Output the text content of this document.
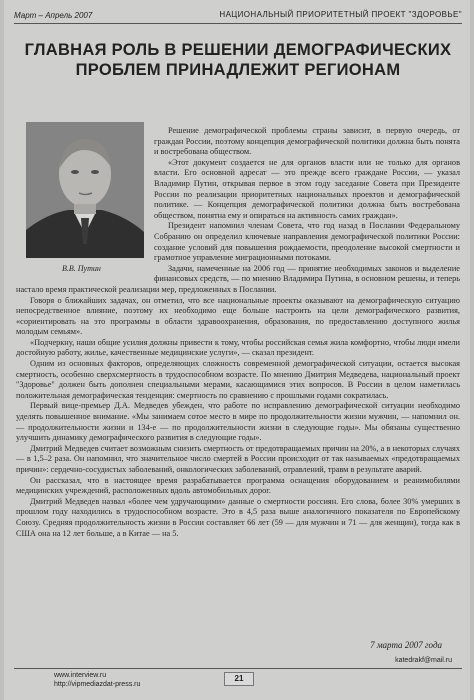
Март – Апрель 2007	НАЦИОНАЛЬНЫЙ ПРИОРИТЕТНЫЙ ПРОЕКТ "ЗДОРОВЬЕ"
ГЛАВНАЯ РОЛЬ В РЕШЕНИИ ДЕМОГРАФИЧЕСКИХ ПРОБЛЕМ ПРИНАДЛЕЖИТ РЕГИОНАМ
В.В. Путин

Решение демографической проблемы страны зависит, в первую очередь, от граждан России, поэтому концепция демографической политики должна быть понята и востребована обществом.

«Этот документ создается не для органов власти или не только для органов власти. Его основной адресат — это прежде всего граждане России, — указал Владимир Путин, открывая первое в этом году заседание Совета при Президенте России по реализации приоритетных национальных проектов и демографической политике. — Концепция демографической политики должна быть востребована обществом, понятна ему и опираться на активность самих граждан».

Президент напомнил членам Совета, что год назад в Послании Федеральному Собранию он определил ключевые направления демографической политики России: создание условий для повышения рождаемости, преодоление высокой смертности и грамотное управление миграционными потоками.

Задачи, намеченные на 2006 год — принятие необходимых законов и выделение финансовых средств, — по мнению Владимира Путина, в основном решены, и теперь настало время практической реализации мер, предложенных в Послании.

Говоря о ближайших задачах, он отметил, что все национальные проекты оказывают на демографическую ситуацию непосредственное влияние, поэтому их необходимо еще больше настроить на цели демографического развития, «сориентировать на это программы в области здравоохранения, образования, по предоставлению доступного жилья молодым семьям».

«Подчеркну, наши общие усилия должны привести к тому, чтобы российская семья жила комфортно, чтобы люди имели достойную работу, жилье, качественные медицинские услуги», — сказал президент.

Одним из основных факторов, определяющих сложность современной демографической ситуации, остается высокая смертность, особенно сверхсмертность в трудоспособном возрасте. По мнению Дмитрия Медведева, национальный проект "Здоровье" должен быть дополнен специальными мерами, касающимися этих вопросов. В России в целом наметилась положительная демографическая тенденция: смертность по сравнению с прошлыми годами сократилась.

Первый вице-премьер Д.А. Медведев убежден, что работе по исправлению демографической ситуации необходимо уделять повышенное внимание. «Мы занимаем сотое место в мире по продолжительности жизни мужчин, — напомнил он. — продолжительности жизни и 134-е — по продолжительности жизни в следующие годы». Мы обязаны существенно улучшить динамику демографического развития в следующие годы».

Дмитрий Медведев считает возможным снизить смертность от предотвращаемых причин на 20%, а в некоторых случаях — в 1,5–2 раза. Он напомнил, что значительное число смертей в России происходит от так называемых «предотвращаемых причин»: сердечно-сосудистых заболеваний, онкологических заболеваний, отравлений, травм в результате аварий.

Он рассказал, что в настоящее время разрабатывается программа оснащения оборудованием и реанимобилями медицинских учреждений, расположенных вдоль автомобильных дорог.

Дмитрий Медведев назвал «более чем удручающими» данные о смертности россиян. Его слова, более 30% умерших в прошлом году находились в трудоспособном возрасте. Это в 4,5 раза выше аналогичного показателя по Европейскому Союзу. Средняя продолжительность жизни в России составляет 66 лет (59 — для мужчин и 71 — для женщин), тогда как в США она на 12 лет больше, а в Китае — на 5.

7 марта 2007 года
katedrakf@mail.ru
www.interview.ru
http://vipmediazdat-press.ru
21
